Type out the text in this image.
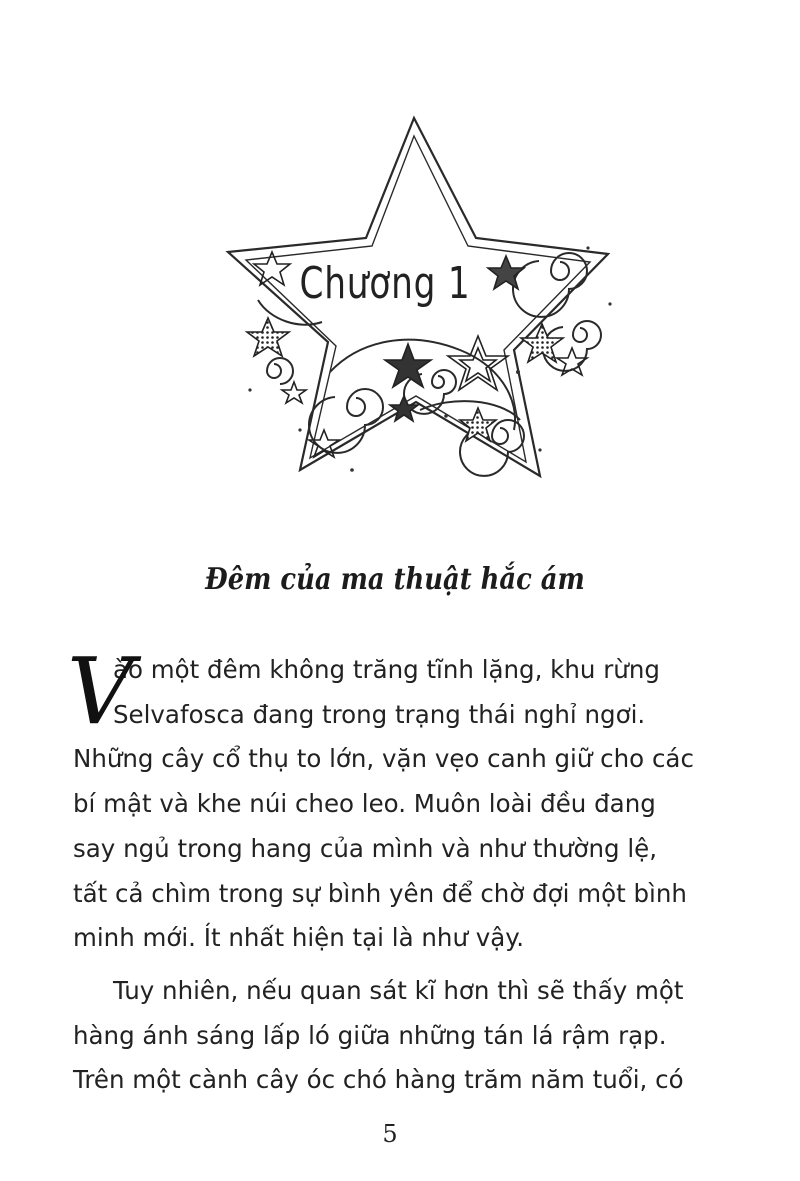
Chương 1
Đêm của ma thuật hắc ám
V

ào một đêm không trăng tĩnh lặng, khu rừng
Selvafosca đang trong trạng thái nghỉ ngơi.
Những cây cổ thụ to lớn, vặn vẹo canh giữ cho các
bí mật và khe núi cheo leo. Muôn loài đều đang
say ngủ trong hang của mình và như thường lệ,
tất cả chìm trong sự bình yên để chờ đợi một bình
minh mới. Ít nhất hiện tại là như vậy.

Tuy nhiên, nếu quan sát kĩ hơn thì sẽ thấy một
hàng ánh sáng lấp ló giữa những tán lá rậm rạp.
Trên một cành cây óc chó hàng trăm năm tuổi, có

5
